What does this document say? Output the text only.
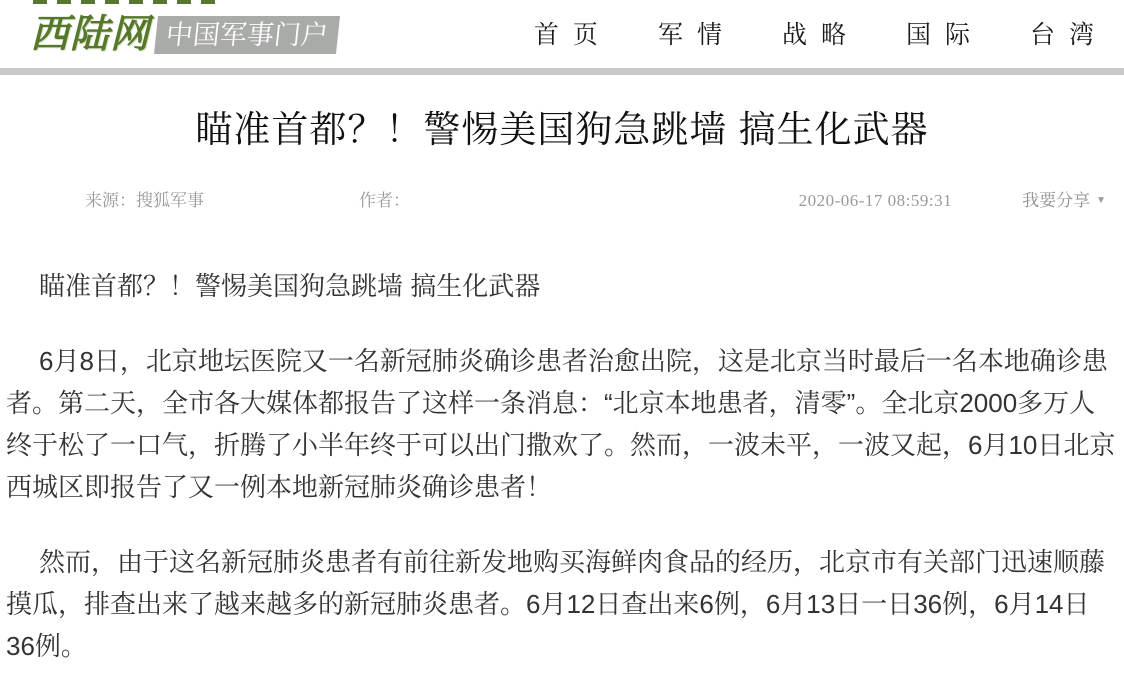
西陆网 中国军事门户	首页 军情 战略 国际 台湾
瞄准首都？！警惕美国狗急跳墙 搞生化武器
来源：搜狐军事	作者：	2020-06-17 08:59:31	我要分享 ▼

瞄准首都？！警惕美国狗急跳墙 搞生化武器

6月8日，北京地坛医院又一名新冠肺炎确诊患者治愈出院，这是北京当时最后一名本地确诊患者。第二天，全市各大媒体都报告了这样一条消息：“北京本地患者，清零”。全北京2000多万人终于松了一口气，折腾了小半年终于可以出门撒欢了。然而，一波未平，一波又起，6月10日北京西城区即报告了又一例本地新冠肺炎确诊患者！

然而，由于这名新冠肺炎患者有前往新发地购买海鲜肉食品的经历，北京市有关部门迅速顺藤摸瓜，排查出来了越来越多的新冠肺炎患者。6月12日查出来6例，6月13日一日36例，6月14日36例。
